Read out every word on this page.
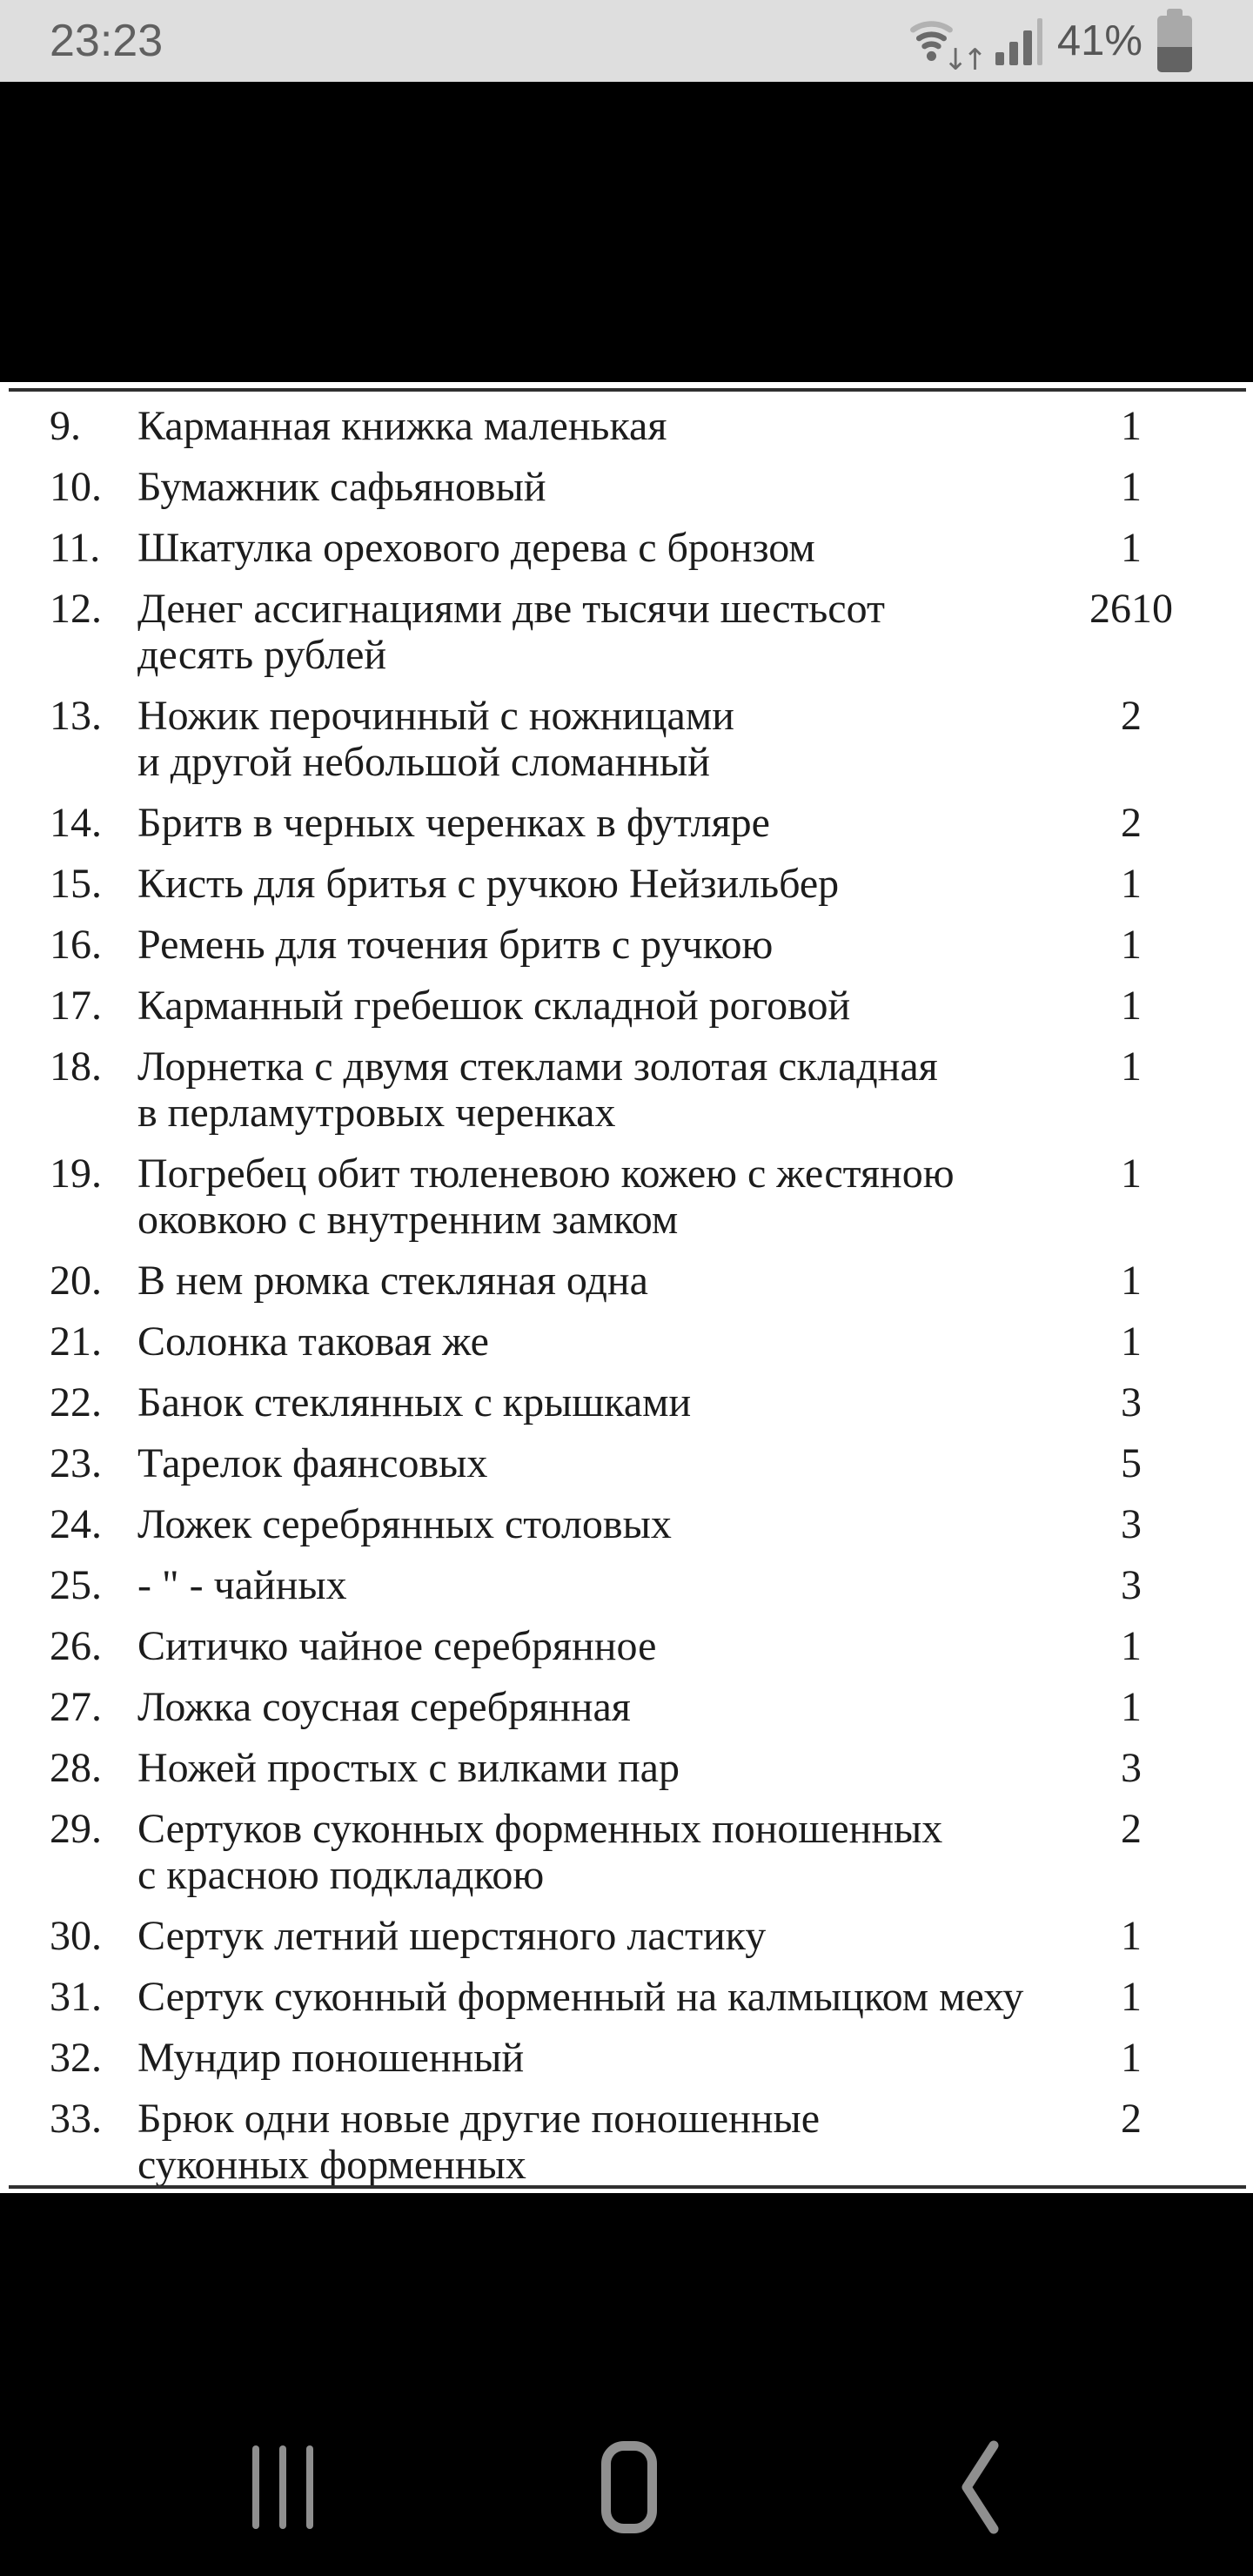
23:23	↓↑ 41%
9.	Карманная книжка маленькая	1
10. Бумажник сафьяновый	1
11. Шкатулка орехового дерева с бронзом	1
12. Денег ассигнациями две тысячи шестьсот	2610
десять рублей
13. Ножик перочинный с ножницами	2
и другой небольшой сломанный
14. Бритв в черных черенках в футляре	2
15. Кисть для бритья с ручкою Нейзильбер	1
16. Ремень для точения бритв с ручкою	1
17. Карманный гребешок складной роговой	1
18. Лорнетка с двумя стеклами золотая складная	1
в перламутровых черенках
19. Погребец обит тюленевою кожею с жестяною	1
оковкою с внутренним замком
20. В нем рюмка стекляная одна	1
21. Солонка таковая же	1
22. Банок стеклянных с крышками	3
23. Тарелок фаянсовых	5
24. Ложек серебрянных столовых	3
25. - " - чайных	3
26. Ситичко чайное серебрянное	1
27. Ложка соусная серебрянная	1
28. Ножей простых с вилками пар	3
29. Сертуков суконных форменных поношенных	2
с красною подкладкою
30. Сертук летний шерстяного ластику	1
31. Сертук суконный форменный на калмыцком меху	1
32. Мундир поношенный	1
33. Брюк одни новые другие поношенные	2
суконных форменных
